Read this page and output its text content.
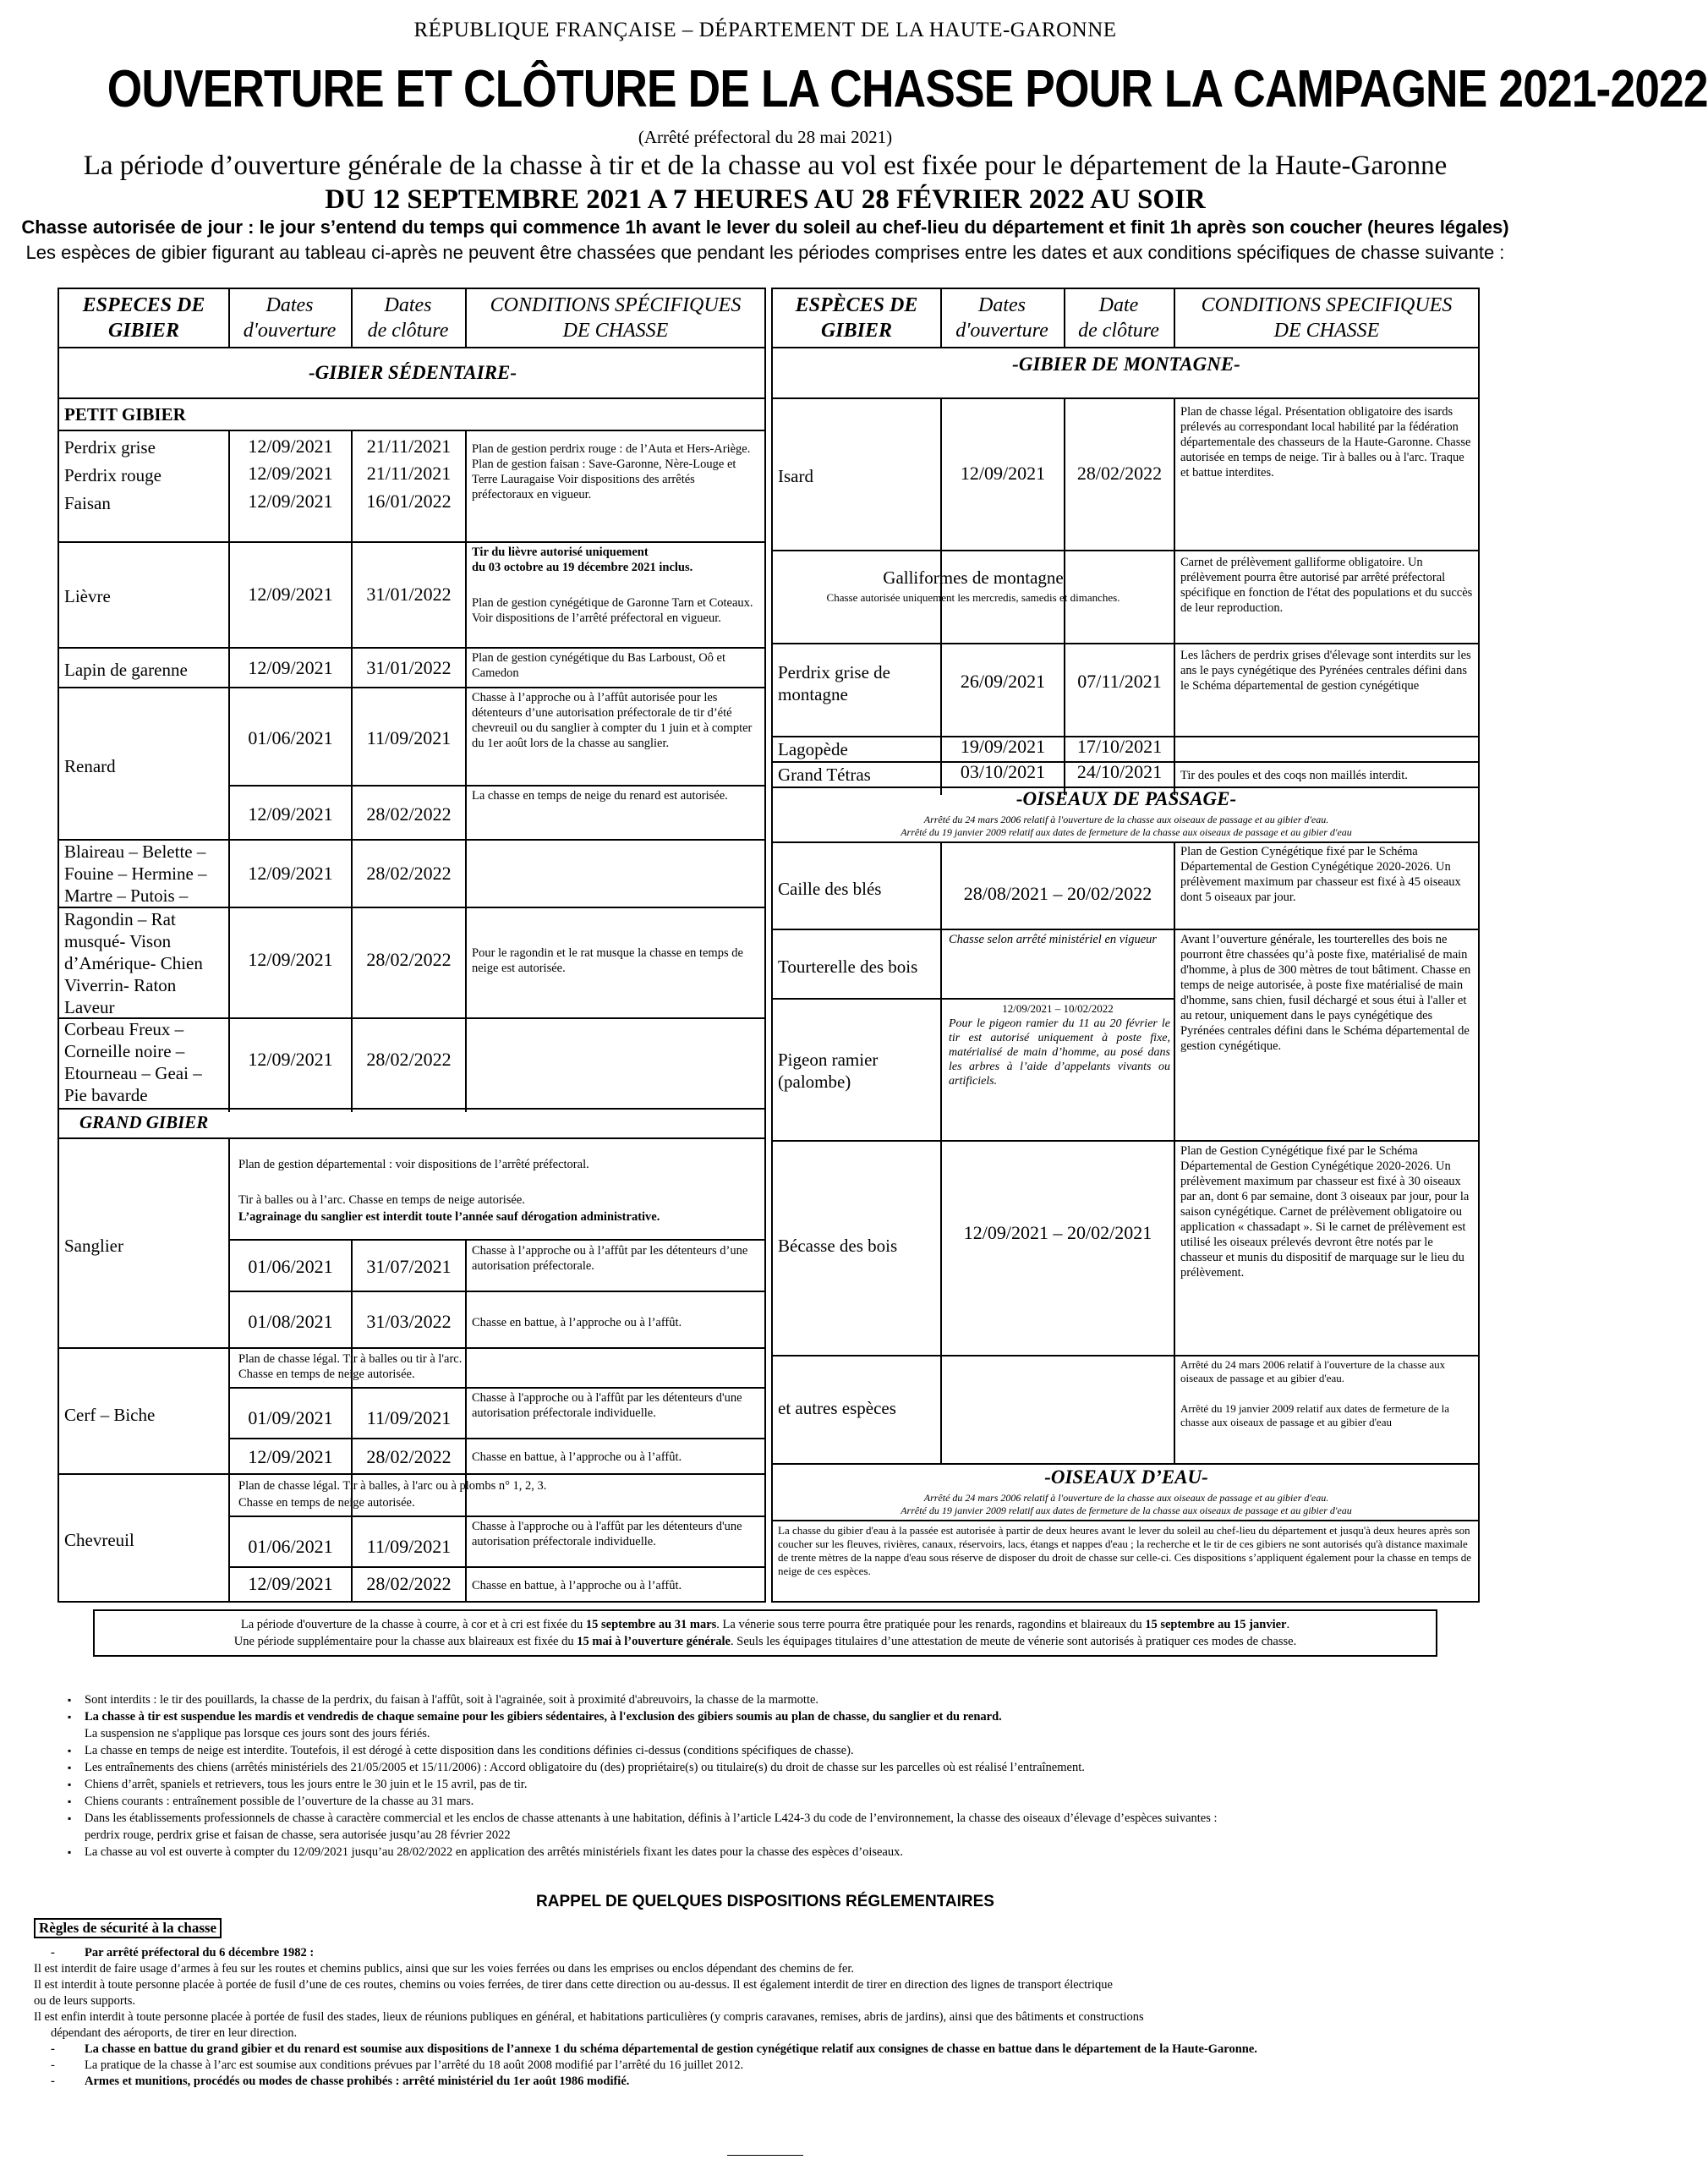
RÉPUBLIQUE FRANÇAISE – DÉPARTEMENT DE LA HAUTE-GARONNE
OUVERTURE ET CLÔTURE DE LA CHASSE POUR LA CAMPAGNE 2021-2022
(Arrêté préfectoral du 28 mai 2021)
La période d’ouverture générale de la chasse à tir et de la chasse au vol est fixée pour le département de la Haute-Garonne
DU 12 SEPTEMBRE 2021 A 7 HEURES AU 28 FÉVRIER 2022 AU SOIR
Chasse autorisée de jour : le jour s’entend du temps qui commence 1h avant le lever du soleil au chef-lieu du département et finit 1h après son coucher (heures légales)
Les espèces de gibier figurant au tableau ci-après ne peuvent être chassées que pendant les périodes comprises entre les dates et aux conditions spécifiques de chasse suivante :
ESPECES DE
GIBIER
Dates
d'ouverture
Dates
de clôture
CONDITIONS SPÉCIFIQUES
DE CHASSE
-GIBIER SÉDENTAIRE-
PETIT GIBIER
Perdrix grise	12/09/2021	21/11/2021
Perdrix rouge	12/09/2021	21/11/2021
Faisan	12/09/2021	16/01/2022
Plan de gestion perdrix rouge : de l’Auta et Hers-Ariège. Plan de gestion faisan : Save-Garonne, Nère-Louge et Terre Lauragaise Voir dispositions des arrêtés préfectoraux en vigueur.
Lièvre	12/09/2021	31/01/2022
Tir du lièvre autorisé uniquement
du 03 octobre au 19 décembre 2021 inclus.
Plan de gestion cynégétique de Garonne Tarn et Coteaux. Voir dispositions de l’arrêté préfectoral en vigueur.
Lapin de garenne	12/09/2021	31/01/2022	Plan de gestion cynégétique du Bas Larboust, Oô et Camedon
Renard
01/06/2021	11/09/2021
Chasse à l’approche ou à l’affût autorisée pour les détenteurs d’une autorisation préfectorale de tir d’été chevreuil ou du sanglier à compter du 1 juin et à compter du 1er août lors de la chasse au sanglier.
12/09/2021	28/02/2022
La chasse en temps de neige du renard est autorisée.
Blaireau – Belette – Fouine – Hermine – Martre – Putois –
12/09/2021	28/02/2022
Ragondin – Rat musqué- Vison d’Amérique- Chien Viverrin- Raton Laveur
12/09/2021	28/02/2022	Pour le ragondin et le rat musque la chasse en temps de neige est autorisée.
Corbeau Freux – Corneille noire – Etourneau – Geai – Pie bavarde
12/09/2021	28/02/2022
GRAND GIBIER
Sanglier
Plan de gestion départemental : voir dispositions de l’arrêté préfectoral.
Tir à balles ou à l’arc. Chasse en temps de neige autorisée.
L’agrainage du sanglier est interdit toute l’année sauf dérogation administrative.
01/06/2021	31/07/2021
Chasse à l’approche ou à l’affût par les détenteurs d’une autorisation préfectorale.
01/08/2021	31/03/2022	Chasse en battue, à l’approche ou à l’affût.
Cerf – Biche
Plan de chasse légal. Tir à balles ou tir à l'arc.
Chasse en temps de neige autorisée.
01/09/2021	11/09/2021
Chasse à l'approche ou à l'affût par les détenteurs d'une autorisation préfectorale individuelle.
12/09/2021	28/02/2022	Chasse en battue, à l’approche ou à l’affût.
Chevreuil
Plan de chasse légal. Tir à balles, à l'arc ou à plombs n° 1, 2, 3.
Chasse en temps de neige autorisée.
01/06/2021	11/09/2021
Chasse à l'approche ou à l'affût par les détenteurs d'une autorisation préfectorale individuelle.
12/09/2021	28/02/2022	Chasse en battue, à l’approche ou à l’affût.
ESPÈCES DE
GIBIER
Dates
d'ouverture
Date
de clôture
CONDITIONS SPECIFIQUES
DE CHASSE
-GIBIER DE MONTAGNE-
Isard	12/09/2021	28/02/2022
Plan de chasse légal. Présentation obligatoire des isards prélevés au correspondant local habilité par la fédération départementale des chasseurs de la Haute-Garonne. Chasse autorisée en temps de neige. Tir à balles ou à l'arc. Traque et battue interdites.
Galliformes de montagne
Chasse autorisée uniquement les mercredis, samedis et dimanches.
Carnet de prélèvement galliforme obligatoire. Un prélèvement pourra être autorisé par arrêté préfectoral spécifique en fonction de l'état des populations et du succès de leur reproduction.
Perdrix grise de montagne
26/09/2021	07/11/2021
Les lâchers de perdrix grises d'élevage sont interdits sur les ans le pays cynégétique des Pyrénées centrales défini dans le Schéma départemental de gestion cynégétique
Lagopède	19/09/2021	17/10/2021
Grand Tétras	03/10/2021	24/10/2021	Tir des poules et des coqs non maillés interdit.
-OISEAUX DE PASSAGE-
Arrêté du 24 mars 2006 relatif à l'ouverture de la chasse aux oiseaux de passage et au gibier d'eau.
Arrêté du 19 janvier 2009 relatif aux dates de fermeture de la chasse aux oiseaux de passage et au gibier d'eau
Caille des blés	28/08/2021 – 20/02/2022
Plan de Gestion Cynégétique fixé par le Schéma Départemental de Gestion Cynégétique 2020-2026. Un prélèvement maximum par chasseur est fixé à 45 oiseaux dont 5 oiseaux par jour.
Tourterelle des bois
Chasse selon arrêté ministériel en vigueur
Pigeon ramier (palombe)
12/09/2021 – 10/02/2022
Pour le pigeon ramier du 11 au 20 février le tir est autorisé uniquement à poste fixe, matérialisé de main d’homme, au posé dans les arbres à l’aide d’appelants vivants ou artificiels.
Avant l’ouverture générale, les tourterelles des bois ne pourront être chassées qu’à poste fixe, matérialisé de main d'homme, à plus de 300 mètres de tout bâtiment. Chasse en temps de neige autorisée, à poste fixe matérialisé de main d'homme, sans chien, fusil déchargé et sous étui à l'aller et au retour, uniquement dans le pays cynégétique des Pyrénées centrales défini dans le Schéma départemental de gestion cynégétique.
Bécasse des bois
12/09/2021 – 20/02/2021
Plan de Gestion Cynégétique fixé par le Schéma Départemental de Gestion Cynégétique 2020-2026. Un prélèvement maximum par chasseur est fixé à 30 oiseaux par an, dont 6 par semaine, dont 3 oiseaux par jour, pour la saison cynégétique. Carnet de prélèvement obligatoire ou application « chassadapt ». Si le carnet de prélèvement est utilisé les oiseaux prélevés devront être notés par le chasseur et munis du dispositif de marquage sur le lieu du prélèvement.
et autres espèces
Arrêté du 24 mars 2006 relatif à l'ouverture de la chasse aux oiseaux de passage et au gibier d'eau.
Arrêté du 19 janvier 2009 relatif aux dates de fermeture de la chasse aux oiseaux de passage et au gibier d'eau
-OISEAUX D’EAU-
Arrêté du 24 mars 2006 relatif à l'ouverture de la chasse aux oiseaux de passage et au gibier d'eau.
Arrêté du 19 janvier 2009 relatif aux dates de fermeture de la chasse aux oiseaux de passage et au gibier d'eau
La chasse du gibier d'eau à la passée est autorisée à partir de deux heures avant le lever du soleil au chef-lieu du département et jusqu'à deux heures après son coucher sur les fleuves, rivières, canaux, réservoirs, lacs, étangs et nappes d'eau ; la recherche et le tir de ces gibiers ne sont autorisés qu'à distance maximale de trente mètres de la nappe d'eau sous réserve de disposer du droit de chasse sur celle-ci. Ces dispositions s’appliquent également pour la chasse en temps de neige de ces espèces.
La période d'ouverture de la chasse à courre, à cor et à cri est fixée du 15 septembre au 31 mars. La vénerie sous terre pourra être pratiquée pour les renards, ragondins et blaireaux du 15 septembre au 15 janvier.
Une période supplémentaire pour la chasse aux blaireaux est fixée du 15 mai à l’ouverture générale. Seuls les équipages titulaires d’une attestation de meute de vénerie sont autorisés à pratiquer ces modes de chasse.
▪ Sont interdits : le tir des pouillards, la chasse de la perdrix, du faisan à l'affût, soit à l'agrainée, soit à proximité d'abreuvoirs, la chasse de la marmotte.
▪ La chasse à tir est suspendue les mardis et vendredis de chaque semaine pour les gibiers sédentaires, à l'exclusion des gibiers soumis au plan de chasse, du sanglier et du renard.
La suspension ne s'applique pas lorsque ces jours sont des jours fériés.
▪ La chasse en temps de neige est interdite. Toutefois, il est dérogé à cette disposition dans les conditions définies ci-dessus (conditions spécifiques de chasse).
▪ Les entraînements des chiens (arrêtés ministériels des 21/05/2005 et 15/11/2006) : Accord obligatoire du (des) propriétaire(s) ou titulaire(s) du droit de chasse sur les parcelles où est réalisé l’entraînement.
▪ Chiens d’arrêt, spaniels et retrievers, tous les jours entre le 30 juin et le 15 avril, pas de tir.
▪ Chiens courants : entraînement possible de l’ouverture de la chasse au 31 mars.
▪ Dans les établissements professionnels de chasse à caractère commercial et les enclos de chasse attenants à une habitation, définis à l’article L424-3 du code de l’environnement, la chasse des oiseaux d’élevage d’espèces suivantes :
perdrix rouge, perdrix grise et faisan de chasse, sera autorisée jusqu’au 28 février 2022
▪ La chasse au vol est ouverte à compter du 12/09/2021 jusqu’au 28/02/2022 en application des arrêtés ministériels fixant les dates pour la chasse des espèces d’oiseaux.
RAPPEL DE QUELQUES DISPOSITIONS RÉGLEMENTAIRES
Règles de sécurité à la chasse
- Par arrêté préfectoral du 6 décembre 1982 :
Il est interdit de faire usage d’armes à feu sur les routes et chemins publics, ainsi que sur les voies ferrées ou dans les emprises ou enclos dépendant des chemins de fer.
Il est interdit à toute personne placée à portée de fusil d’une de ces routes, chemins ou voies ferrées, de tirer dans cette direction ou au-dessus. Il est également interdit de tirer en direction des lignes de transport électrique
ou de leurs supports.
Il est enfin interdit à toute personne placée à portée de fusil des stades, lieux de réunions publiques en général, et habitations particulières (y compris caravanes, remises, abris de jardins), ainsi que des bâtiments et constructions
dépendant des aéroports, de tirer en leur direction.
- La chasse en battue du grand gibier et du renard est soumise aux dispositions de l’annexe 1 du schéma départemental de gestion cynégétique relatif aux consignes de chasse en battue dans le département de la Haute-Garonne.
- La pratique de la chasse à l’arc est soumise aux conditions prévues par l’arrêté du 18 août 2008 modifié par l’arrêté du 16 juillet 2012.
- Armes et munitions, procédés ou modes de chasse prohibés : arrêté ministériel du 1er août 1986 modifié.
